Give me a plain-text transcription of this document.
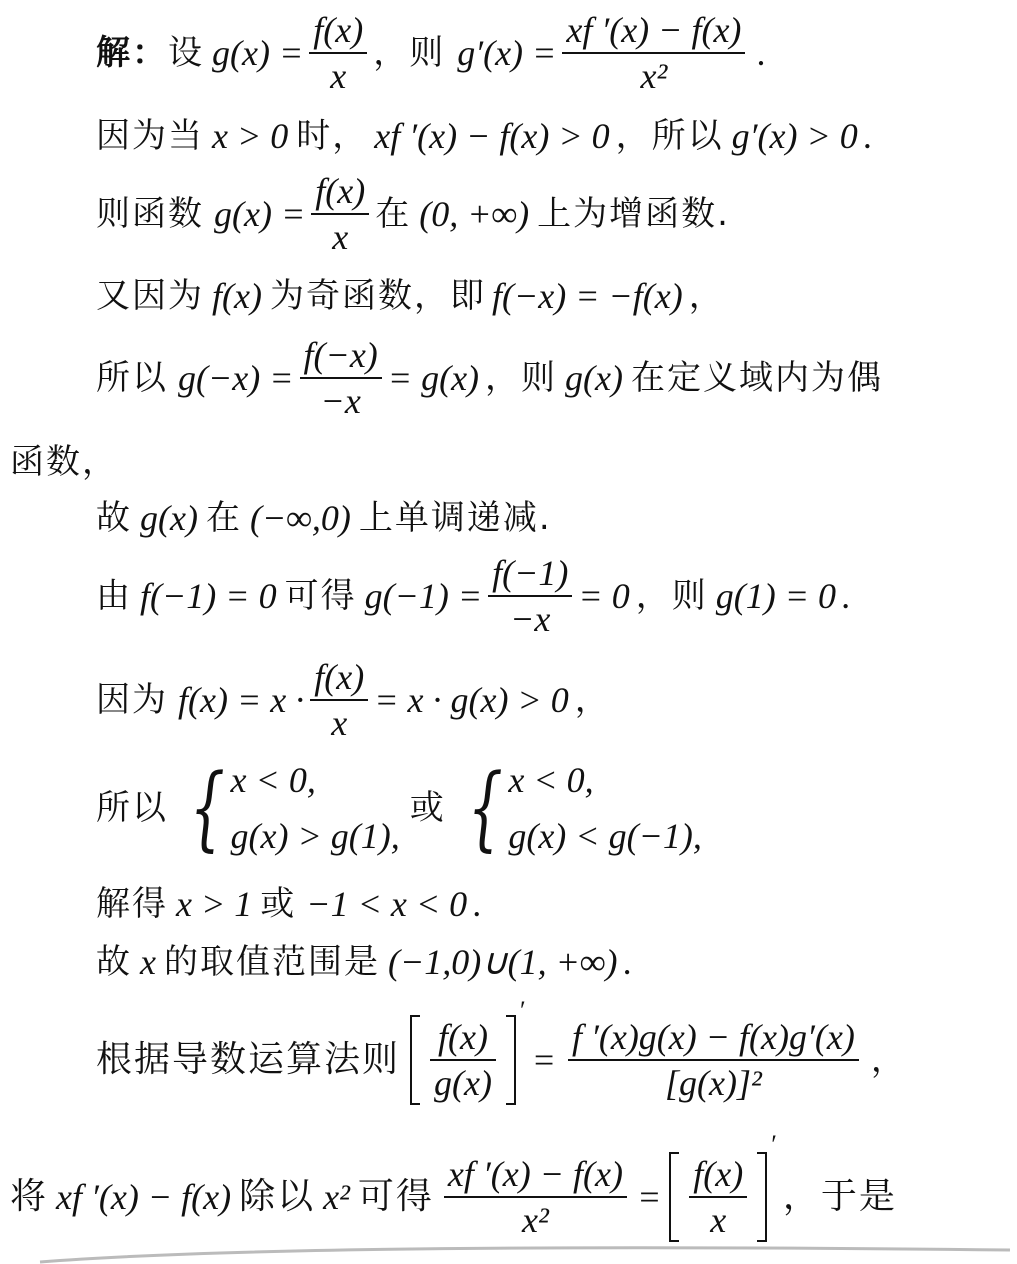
解： 设 $g(x) = \frac{f(x)}{x}$ ，则 $g'(x) = \frac{xf '(x) - f(x)}{\text{x²}}$ .
因为当 x > 0 时， xf ′(x) − f(x) > 0 ，所以 g′(x) > 0 .
则函数 $g(x) = \frac{f(x)}{x}$ 在 (0, +∞) 上为增函数.
又因为 f(x) 为奇函数，即 f(−x) = −f(x) ，
所以 $g(-x) = \frac{f(-x)}{-x} = g(x)$ ，则 g(x) 在定义域内为偶
函数，
故 g(x) 在 (−∞,0) 上单调递减.
由 f(−1) = 0 可得 $g(-1) = \frac{f(-1)}{-x} = 0$ ，则 g(1) = 0 .
因为 $f(x) = x \cdot \frac{f(x)}{x} = x \cdot g(x) > 0$ ，
所以 { x < 0,
g(x) > g(1),
或 { x < 0,
g(x) < g(−1),
解得 x > 1 或 −1 < x < 0 .
故 x 的取值范围是 (−1,0)∪(1, +∞) .
根据导数运算法则 $\frac{f(x)}{g(x)}$
′
= $\frac{f '(x)g(x) - f(x)g'(x)}{\text{[g(x)]²}}$ ，
将 xf ′(x) − f(x) 除以 x² 可得 $\frac{xf '(x) - f(x)}{\text{x²}} = \frac{f(x)}{x}$
′
，于是
